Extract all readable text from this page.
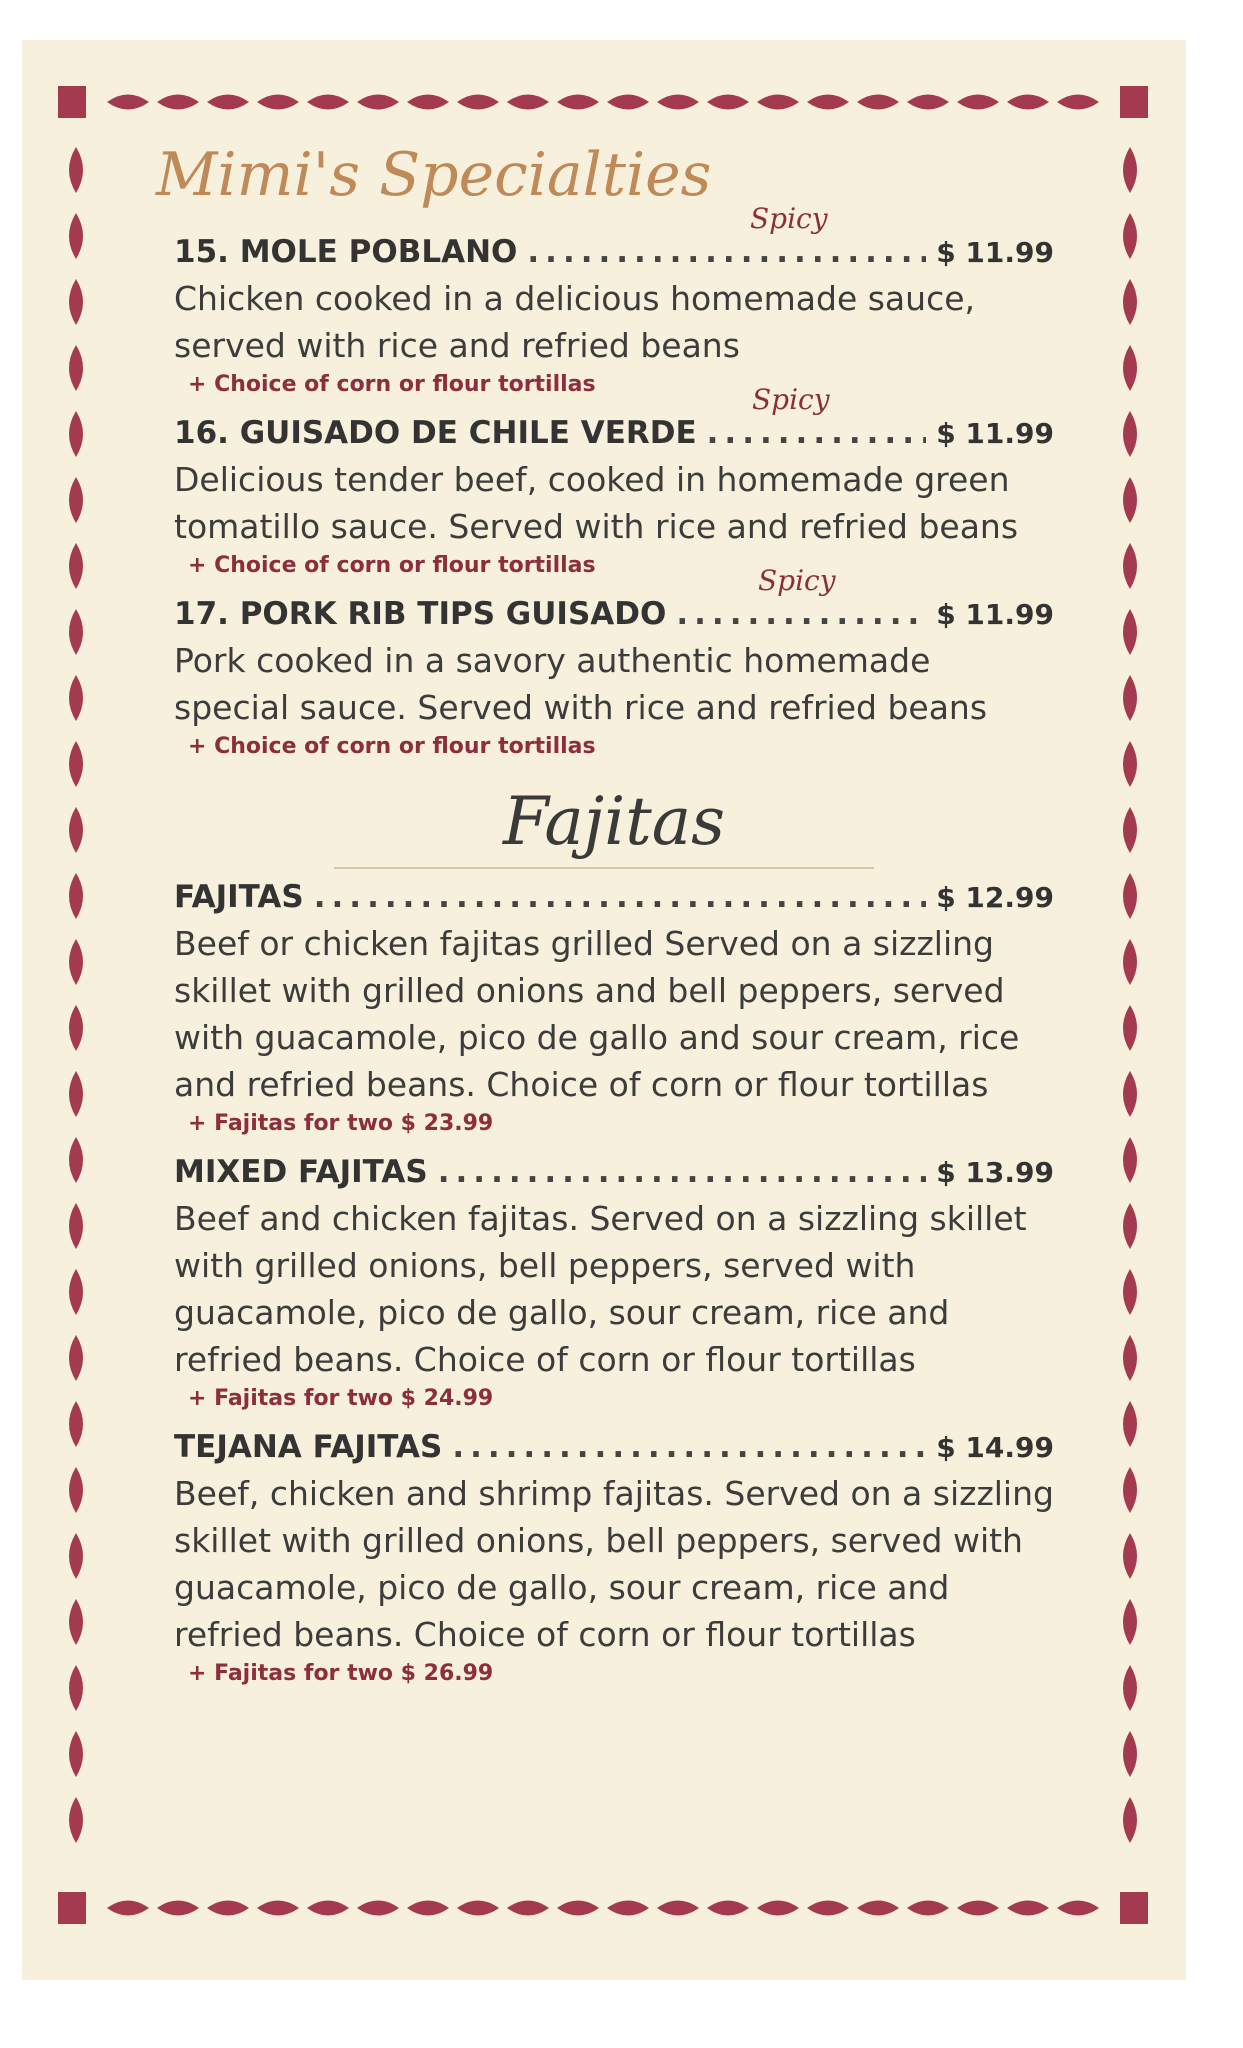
Mimi's Specialties
Spicy
15. MOLE POBLANO .....	$ 11.99
Chicken cooked in a delicious homemade sauce, served with rice and refried beans
+ Choice of corn or flour tortillas	Spicy
16. GUISADO DE CHILE VERDE .....	$ 11.99
Delicious tender beef, cooked in homemade green tomatillo sauce. Served with rice and refried beans
+ Choice of corn or flour tortillas	Spicy
17. PORK RIB TIPS GUISADO .....	$ 11.99
Pork cooked in a savory authentic homemade special sauce. Served with rice and refried beans
+ Choice of corn or flour tortillas
Fajitas
FAJITAS .....	$ 12.99
Beef or chicken fajitas grilled Served on a sizzling skillet with grilled onions and bell peppers, served with guacamole, pico de gallo and sour cream, rice and refried beans. Choice of corn or flour tortillas
+ Fajitas for two $ 23.99
MIXED FAJITAS .....	$ 13.99
Beef and chicken fajitas. Served on a sizzling skillet with grilled onions, bell peppers, served with guacamole, pico de gallo, sour cream, rice and refried beans. Choice of corn or flour tortillas
+ Fajitas for two $ 24.99
TEJANA FAJITAS .....	$ 14.99
Beef, chicken and shrimp fajitas. Served on a sizzling skillet with grilled onions, bell peppers, served with guacamole, pico de gallo, sour cream, rice and refried beans. Choice of corn or flour tortillas
+ Fajitas for two $ 26.99
